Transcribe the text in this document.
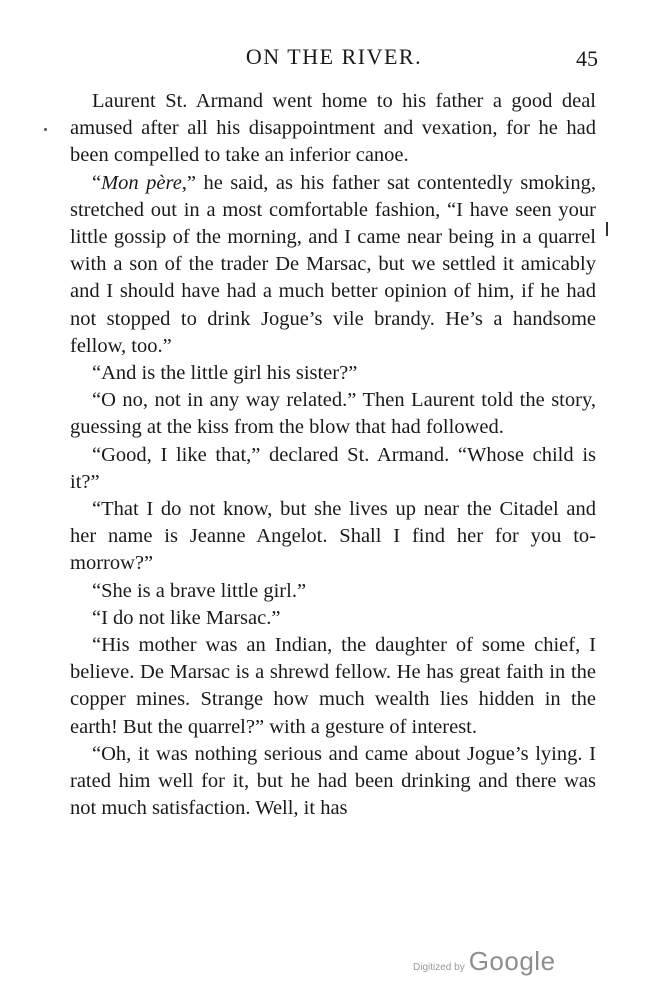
ON THE RIVER.	45

Laurent St. Armand went home to his father a good deal amused after all his disappointment and vexation, for he had been compelled to take an inferior canoe.

“Mon père,” he said, as his father sat contentedly smoking, stretched out in a most comfortable fashion, “I have seen your little gossip of the morning, and I came near being in a quarrel with a son of the trader De Marsac, but we settled it amicably and I should have had a much better opinion of him, if he had not stopped to drink Jogue’s vile brandy. He’s a handsome fellow, too.”

“And is the little girl his sister?”

“O no, not in any way related.” Then Laurent told the story, guessing at the kiss from the blow that had followed.

“Good, I like that,” declared St. Armand. “Whose child is it?”

“That I do not know, but she lives up near the Citadel and her name is Jeanne Angelot. Shall I find her for you to-morrow?”

“She is a brave little girl.”

“I do not like Marsac.”

“His mother was an Indian, the daughter of some chief, I believe. De Marsac is a shrewd fellow. He has great faith in the copper mines. Strange how much wealth lies hidden in the earth! But the quarrel?” with a gesture of interest.

“Oh, it was nothing serious and came about Jogue’s lying. I rated him well for it, but he had been drinking and there was not much satisfaction. Well, it has

Digitized by Google
